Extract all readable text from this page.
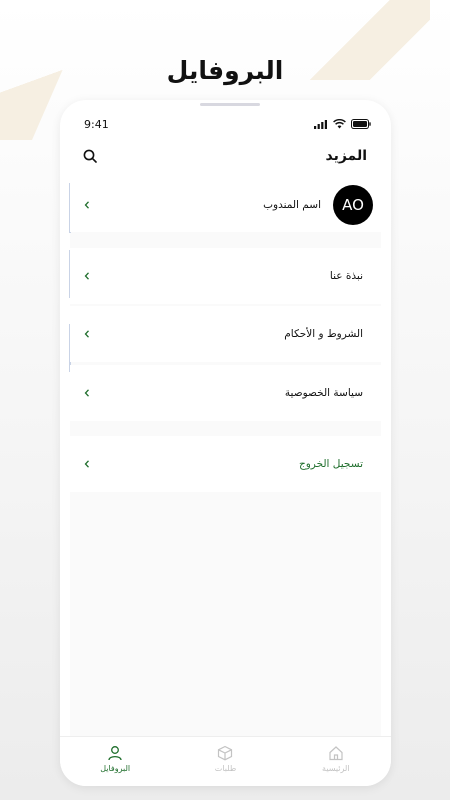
البروفايل
9:41
المزيد
اسم المندوب	AO
نبذة عنا
الشروط و الأحكام
سياسة الخصوصية
تسجيل الخروج
البروفايل	طلبات	الرئيسية
